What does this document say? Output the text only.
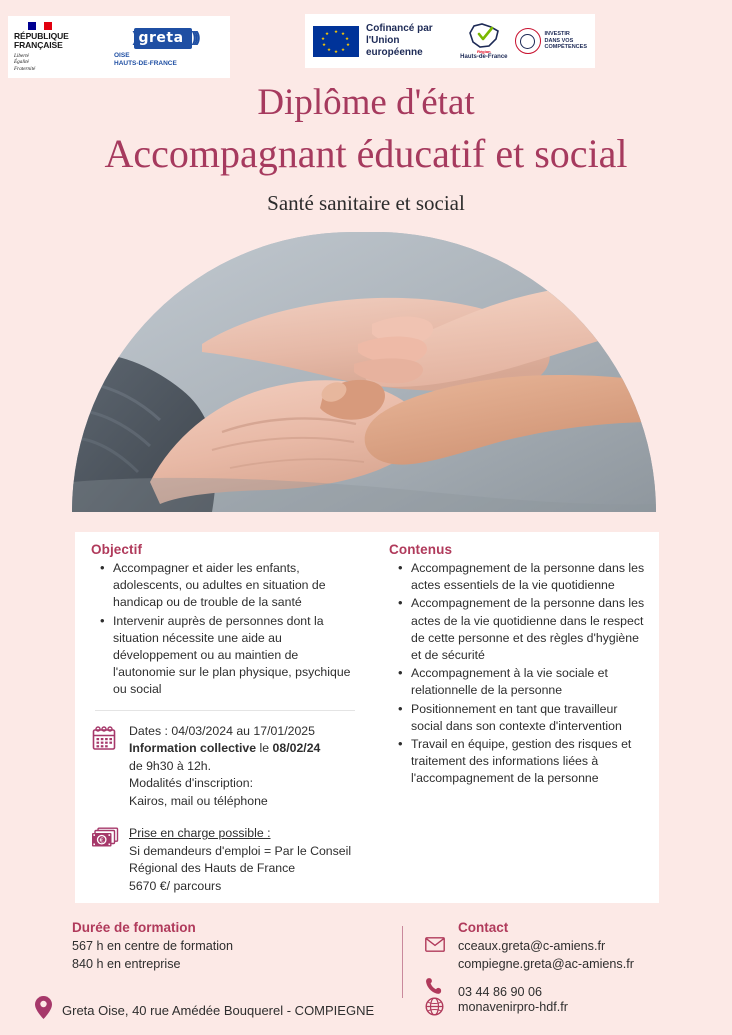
RÉPUBLIQUE
FRANÇAISE
Liberté
Égalité
Fraternité
) greta )))
OISE
HAUTS-DE-FRANCE
★ ★
★
★
★
★
★
★
★
★	Cofinancé par
l'Union européenne	Région
Hauts-de-France
INVESTIR
DANS VOS
COMPÉTENCES
Diplôme d'état
Accompagnant éducatif et social
Santé sanitaire et social
Objectif
• Accompagner et aider les enfants, adolescents, ou adultes en situation de handicap ou de trouble de la santé
• Intervenir auprès de personnes dont la situation nécessite une aide au développement ou au maintien de l'autonomie sur le plan physique, psychique ou social
Dates : 04/03/2024 au 17/01/2025
Information collective le 08/02/24
de 9h30 à 12h.
Modalités d'inscription:
Kairos, mail ou téléphone
€
Prise en charge possible :
Si demandeurs d'emploi = Par le Conseil
Régional des Hauts de France
5670 €/ parcours
Contenus
• Accompagnement de la personne dans les actes essentiels de la vie quotidienne
• Accompagnement de la personne dans les actes de la vie quotidienne dans le respect de cette personne et des règles d'hygiène et de sécurité
• Accompagnement à la vie sociale et relationnelle de la personne
• Positionnement en tant que travailleur social dans son contexte d'intervention
• Travail en équipe, gestion des risques et traitement des informations liées à l'accompagnement de la personne
Durée de formation
567 h en centre de formation
840 h en entreprise
Contact
cceaux.greta@c-amiens.fr
compiegne.greta@ac-amiens.fr
03 44 86 90 06
monavenirpro-hdf.fr
Greta Oise, 40 rue Amédée Bouquerel - COMPIEGNE
